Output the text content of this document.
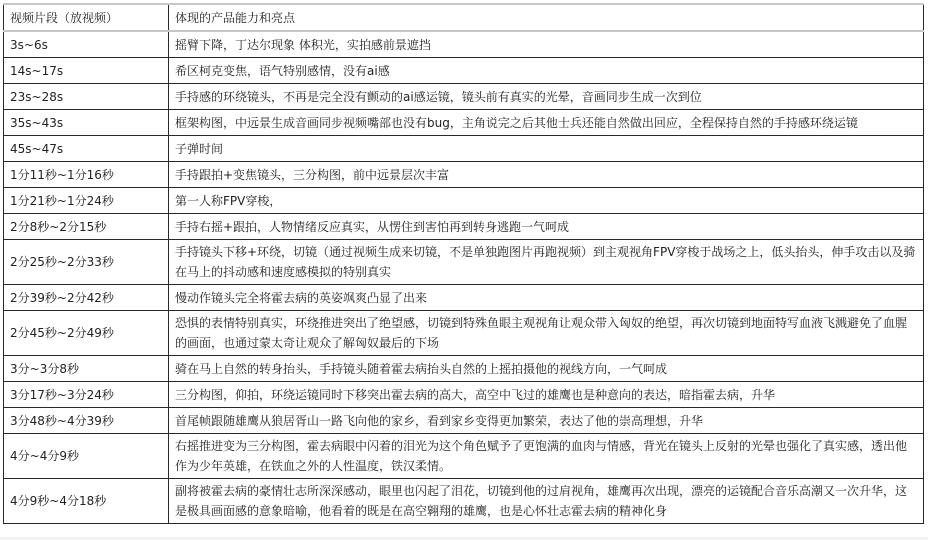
视频片段（放视频）	体现的产品能力和亮点
3s~6s	摇臂下降，丁达尔现象 体积光，实拍感前景遮挡
14s~17s	希区柯克变焦，语气特别感情，没有ai感
23s~28s	手持感的环绕镜头，不再是完全没有颤动的ai感运镜，镜头前有真实的光晕，音画同步生成一次到位
35s~43s	框架构图，中远景生成音画同步视频嘴部也没有bug，主角说完之后其他士兵还能自然做出回应，全程保持自然的手持感环绕运镜
45s~47s	子弹时间
1分11秒~1分16秒	手持跟拍+变焦镜头，三分构图，前中远景层次丰富
1分21秒~1分24秒	第一人称FPV穿梭，
2分8秒~2分15秒	手持右摇+跟拍，人物情绪反应真实，从愣住到害怕再到转身逃跑一气呵成
2分25秒~2分33秒	手持镜头下移+环绕，切镜（通过视频生成来切镜，不是单独跑图片再跑视频）到主观视角FPV穿梭于战场之上，低头抬头，伸手攻击以及骑在马上的抖动感和速度感模拟的特别真实
2分39秒~2分42秒	慢动作镜头完全将霍去病的英姿飒爽凸显了出来
2分45秒~2分49秒	恐惧的表情特别真实，环绕推进突出了绝望感，切镜到特殊鱼眼主观视角让观众带入匈奴的绝望，再次切镜到地面特写血液飞溅避免了血腥的画面，也通过蒙太奇让观众了解匈奴最后的下场
3分~3分8秒	骑在马上自然的转身抬头，手持镜头随着霍去病抬头自然的上摇拍摄他的视线方向，一气呵成
3分17秒~3分24秒	三分构图，仰拍，环绕运镜同时下移突出霍去病的高大，高空中飞过的雄鹰也是种意向的表达，暗指霍去病，升华
3分48秒~4分39秒	首尾帧跟随雄鹰从狼居胥山一路飞向他的家乡，看到家乡变得更加繁荣，表达了他的崇高理想，升华
4分~4分9秒	右摇推进变为三分构图，霍去病眼中闪着的泪光为这个角色赋予了更饱满的血肉与情感，背光在镜头上反射的光晕也强化了真实感，透出他作为少年英雄，在铁血之外的人性温度，铁汉柔情。
4分9秒~4分18秒	副将被霍去病的豪情壮志所深深感动，眼里也闪起了泪花，切镜到他的过肩视角，雄鹰再次出现，漂亮的运镜配合音乐高潮又一次升华，这是极具画面感的意象暗喻，他看着的既是在高空翱翔的雄鹰，也是心怀壮志霍去病的精神化身
